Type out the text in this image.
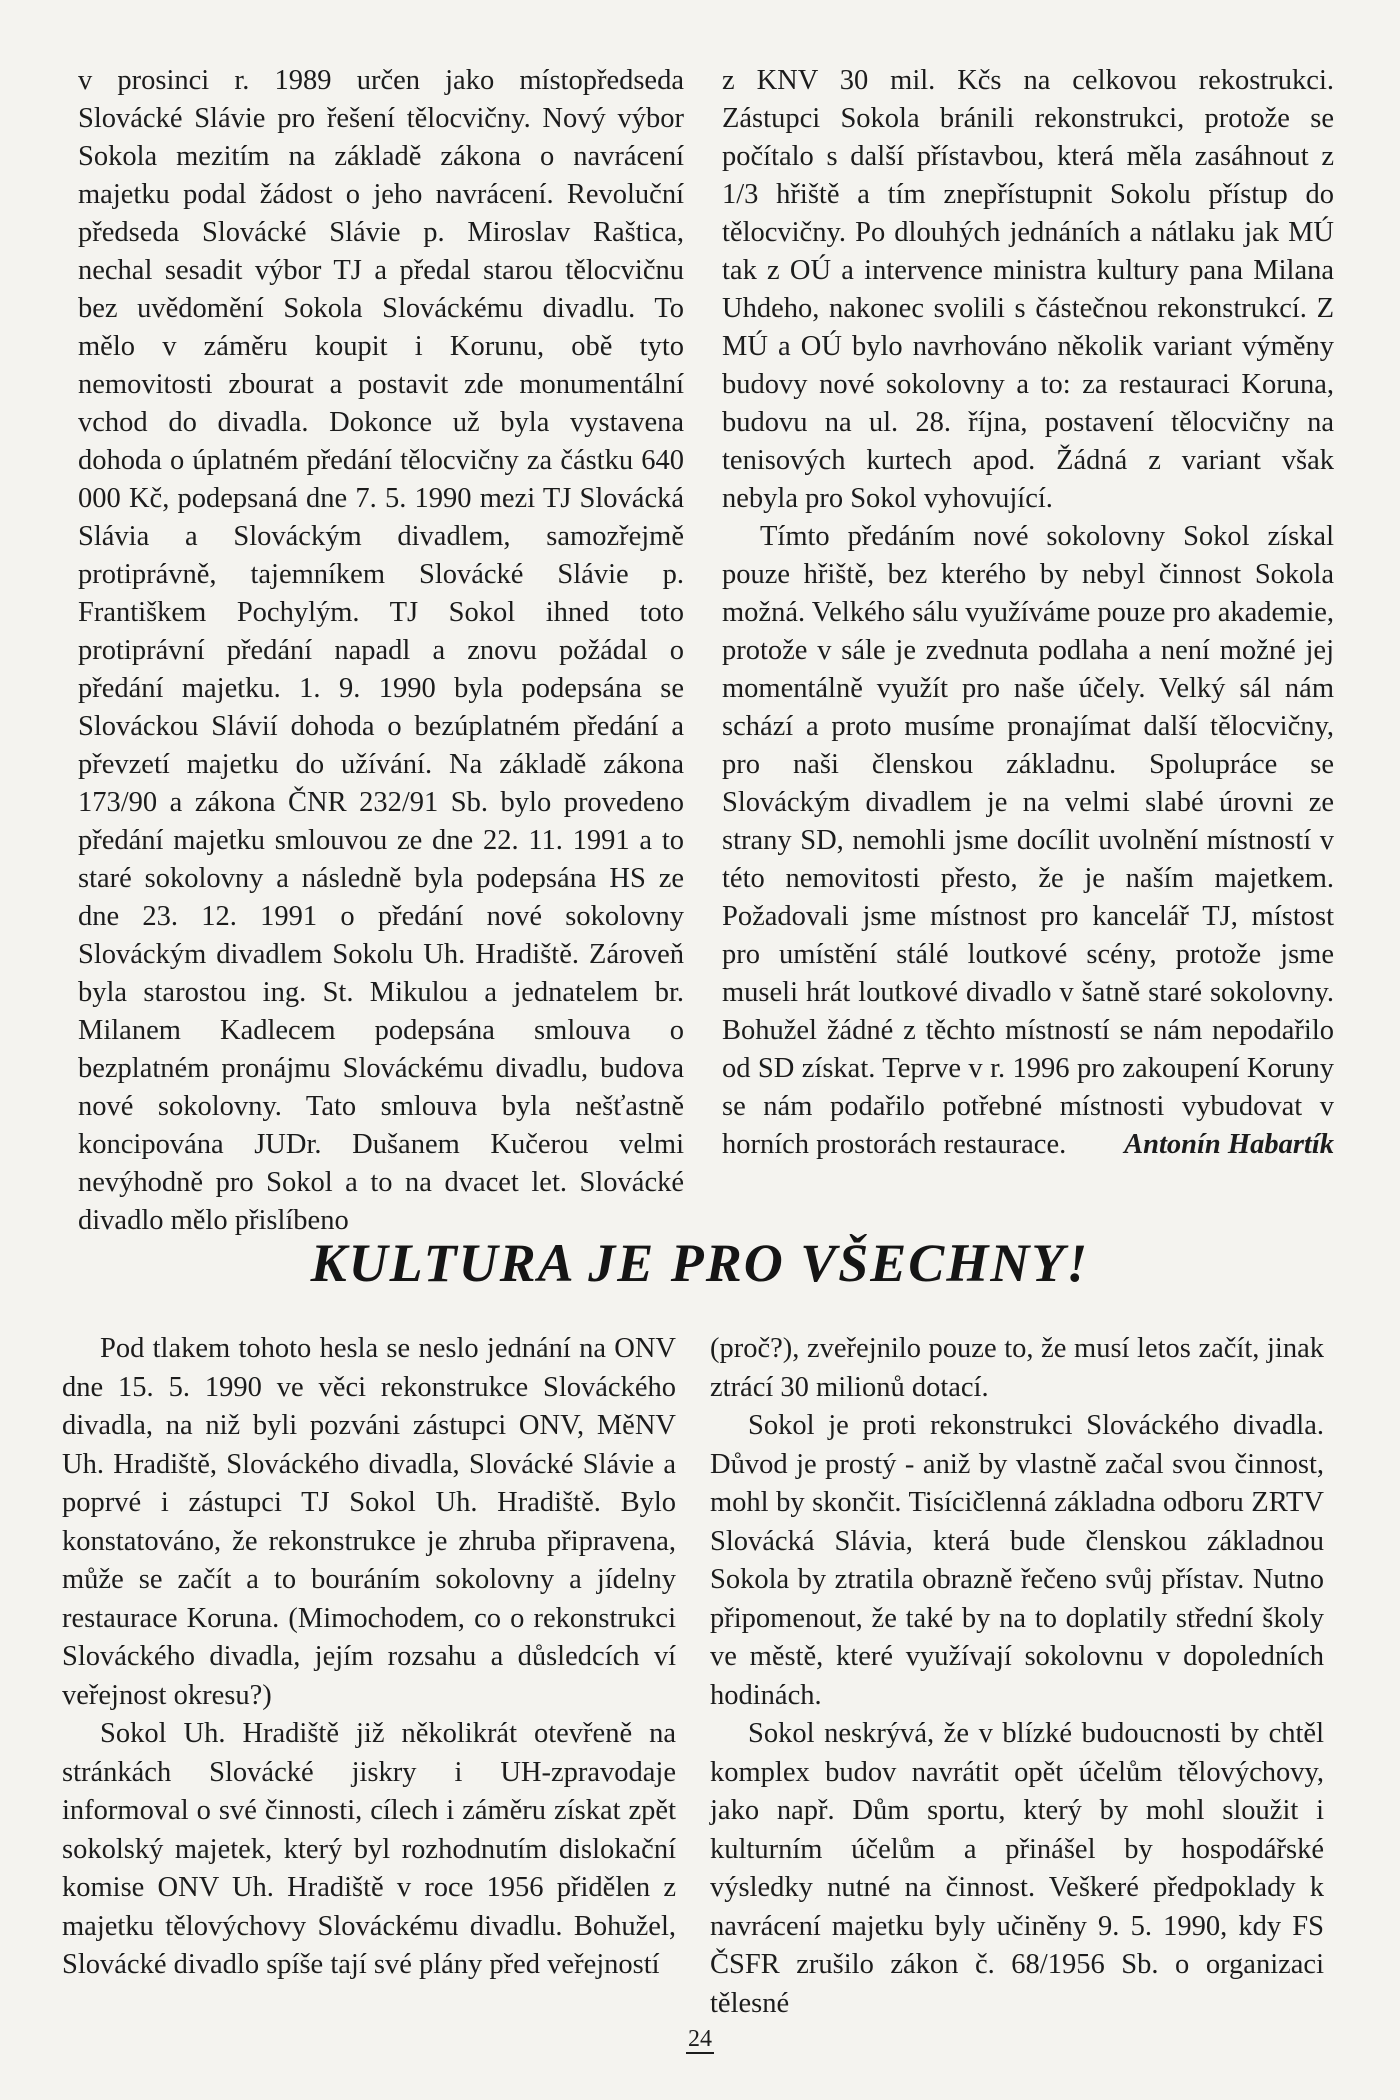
v prosinci r. 1989 určen jako místopředseda Slovácké Slávie pro řešení tělocvičny. Nový výbor Sokola mezitím na základě zákona o navrácení majetku podal žádost o jeho navrácení. Revoluční předseda Slovácké Slávie p. Miroslav Raštica, nechal sesadit výbor TJ a předal starou tělocvičnu bez uvědomění Sokola Slováckému divadlu. To mělo v záměru koupit i Korunu, obě tyto nemovitosti zbourat a postavit zde monumentální vchod do divadla. Dokonce už byla vystavena dohoda o úplatném předání tělocvičny za částku 640 000 Kč, podepsaná dne 7. 5. 1990 mezi TJ Slovácká Slávia a Slováckým divadlem, samozřejmě protiprávně, tajemníkem Slovácké Slávie p. Františkem Pochylým. TJ Sokol ihned toto protiprávní předání napadl a znovu požádal o předání majetku. 1. 9. 1990 byla podepsána se Slováckou Slávií dohoda o bezúplatném předání a převzetí majetku do užívání. Na základě zákona 173/90 a zákona ČNR 232/91 Sb. bylo provedeno předání majetku smlouvou ze dne 22. 11. 1991 a to staré sokolovny a následně byla podepsána HS ze dne 23. 12. 1991 o předání nové sokolovny Slováckým divadlem Sokolu Uh. Hradiště. Zároveň byla starostou ing. St. Mikulou a jednatelem br. Milanem Kadlecem podepsána smlouva o bezplatném pronájmu Slováckému divadlu, budova nové sokolovny. Tato smlouva byla nešťastně koncipována JUDr. Dušanem Kučerou velmi nevýhodně pro Sokol a to na dvacet let. Slovácké divadlo mělo přislíbeno

z KNV 30 mil. Kčs na celkovou rekostrukci. Zástupci Sokola bránili rekonstrukci, protože se počítalo s další přístavbou, která měla zasáhnout z 1/3 hřiště a tím znepřístupnit Sokolu přístup do tělocvičny. Po dlouhých jednáních a nátlaku jak MÚ tak z OÚ a intervence ministra kultury pana Milana Uhdeho, nakonec svolili s částečnou rekonstrukcí. Z MÚ a OÚ bylo navrhováno několik variant výměny budovy nové sokolovny a to: za restauraci Koruna, budovu na ul. 28. října, postavení tělocvičny na tenisových kurtech apod. Žádná z variant však nebyla pro Sokol vyhovující.

Tímto předáním nové sokolovny Sokol získal pouze hřiště, bez kterého by nebyl činnost Sokola možná. Velkého sálu využíváme pouze pro akademie, protože v sále je zvednuta podlaha a není možné jej momentálně využít pro naše účely. Velký sál nám schází a proto musíme pronajímat další tělocvičny, pro naši členskou základnu. Spolupráce se Slováckým divadlem je na velmi slabé úrovni ze strany SD, nemohli jsme docílit uvolnění místností v této nemovitosti přesto, že je naším majetkem. Požadovali jsme místnost pro kancelář TJ, místost pro umístění stálé loutkové scény, protože jsme museli hrát loutkové divadlo v šatně staré sokolovny. Bohužel žádné z těchto místností se nám nepodařilo od SD získat. Teprve v r. 1996 pro zakoupení Koruny se nám podařilo potřebné místnosti vybudovat v horních prostorách restaurace.	Antonín Habartík

KULTURA JE PRO VŠECHNY!

Pod tlakem tohoto hesla se neslo jednání na ONV dne 15. 5. 1990 ve věci rekonstrukce Slováckého divadla, na niž byli pozváni zástupci ONV, MěNV Uh. Hradiště, Slováckého divadla, Slovácké Slávie a poprvé i zástupci TJ Sokol Uh. Hradiště. Bylo konstatováno, že rekonstrukce je zhruba připravena, může se začít a to bouráním sokolovny a jídelny restaurace Koruna. (Mimochodem, co o rekonstrukci Slováckého divadla, jejím rozsahu a důsledcích ví veřejnost okresu?)

Sokol Uh. Hradiště již několikrát otevřeně na stránkách Slovácké jiskry i UH-zpravodaje informoval o své činnosti, cílech i záměru získat zpět sokolský majetek, který byl rozhodnutím dislokační komise ONV Uh. Hradiště v roce 1956 přidělen z majetku tělovýchovy Slováckému divadlu. Bohužel, Slovácké divadlo spíše tají své plány před veřejností

(proč?), zveřejnilo pouze to, že musí letos začít, jinak ztrácí 30 milionů dotací.

Sokol je proti rekonstrukci Slováckého divadla. Důvod je prostý - aniž by vlastně začal svou činnost, mohl by skončit. Tisícičlenná základna odboru ZRTV Slovácká Slávia, která bude členskou základnou Sokola by ztratila obrazně řečeno svůj přístav. Nutno připomenout, že také by na to doplatily střední školy ve městě, které využívají sokolovnu v dopoledních hodinách.

Sokol neskrývá, že v blízké budoucnosti by chtěl komplex budov navrátit opět účelům tělovýchovy, jako např. Dům sportu, který by mohl sloužit i kulturním účelům a přinášel by hospodářské výsledky nutné na činnost. Veškeré předpoklady k navrácení majetku byly učiněny 9. 5. 1990, kdy FS ČSFR zrušilo zákon č. 68/1956 Sb. o organizaci tělesné

24
